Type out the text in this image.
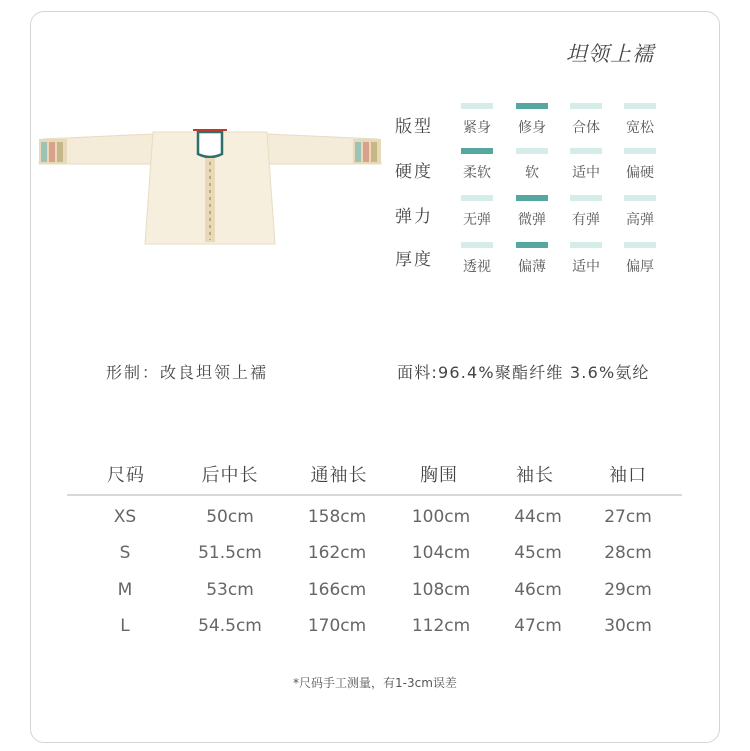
坦领上襦
版型 紧身 修身 合体 宽松
硬度 柔软	软	适中 偏硬
弹力 无弹 微弹 有弹 高弹
厚度 透视 偏薄 适中 偏厚
形制：改良坦领上襦	面料:96.4%聚酯纤维 3.6%氨纶
尺码	后中长	通袖长	胸围	袖长	袖口
XS	50cm	158cm	100cm	44cm	27cm
S	51.5cm	162cm	104cm	45cm	28cm
M	53cm	166cm	108cm	46cm	29cm
L	54.5cm	170cm	112cm	47cm	30cm
*尺码手工测量，有1-3cm误差
